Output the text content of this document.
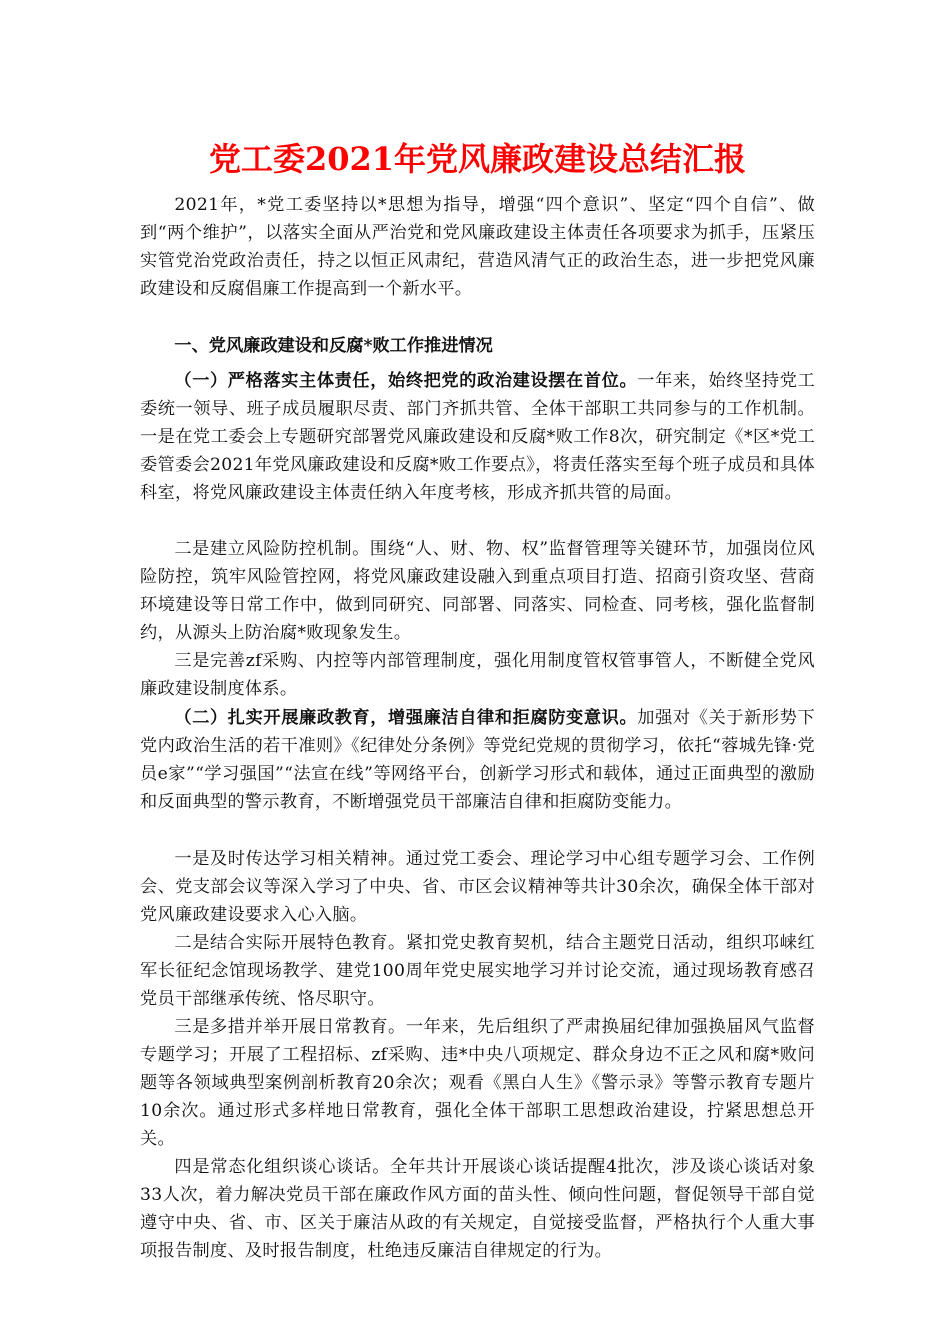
党工委2021年党风廉政建设总结汇报
2021年，*党工委坚持以*思想为指导，增强“四个意识”、坚定“四个自信”、做到“两个维护”，以落实全面从严治党和党风廉政建设主体责任各项要求为抓手，压紧压实管党治党政治责任，持之以恒正风肃纪，营造风清气正的政治生态，进一步把党风廉政建设和反腐倡廉工作提高到一个新水平。
一、党风廉政建设和反腐*败工作推进情况
（一）严格落实主体责任，始终把党的政治建设摆在首位。一年来，始终坚持党工委统一领导、班子成员履职尽责、部门齐抓共管、全体干部职工共同参与的工作机制。一是在党工委会上专题研究部署党风廉政建设和反腐*败工作8次，研究制定《*区*党工委管委会2021年党风廉政建设和反腐*败工作要点》，将责任落实至每个班子成员和具体科室，将党风廉政建设主体责任纳入年度考核，形成齐抓共管的局面。
二是建立风险防控机制。围绕“人、财、物、权”监督管理等关键环节，加强岗位风险防控，筑牢风险管控网，将党风廉政建设融入到重点项目打造、招商引资攻坚、营商环境建设等日常工作中，做到同研究、同部署、同落实、同检查、同考核，强化监督制约，从源头上防治腐*败现象发生。
三是完善zf采购、内控等内部管理制度，强化用制度管权管事管人，不断健全党风廉政建设制度体系。
（二）扎实开展廉政教育，增强廉洁自律和拒腐防变意识。加强对《关于新形势下党内政治生活的若干准则》《纪律处分条例》等党纪党规的贯彻学习，依托“蓉城先锋·党员e家”“学习强国”“法宣在线”等网络平台，创新学习形式和载体，通过正面典型的激励和反面典型的警示教育，不断增强党员干部廉洁自律和拒腐防变能力。
一是及时传达学习相关精神。通过党工委会、理论学习中心组专题学习会、工作例会、党支部会议等深入学习了中央、省、市区会议精神等共计30余次，确保全体干部对党风廉政建设要求入心入脑。
二是结合实际开展特色教育。紧扣党史教育契机，结合主题党日活动，组织邛崃红军长征纪念馆现场教学、建党100周年党史展实地学习并讨论交流，通过现场教育感召党员干部继承传统、恪尽职守。
三是多措并举开展日常教育。一年来，先后组织了严肃换届纪律加强换届风气监督专题学习；开展了工程招标、zf采购、违*中央八项规定、群众身边不正之风和腐*败问题等各领域典型案例剖析教育20余次；观看《黑白人生》《警示录》等警示教育专题片10余次。通过形式多样地日常教育，强化全体干部职工思想政治建设，拧紧思想总开关。
四是常态化组织谈心谈话。全年共计开展谈心谈话提醒4批次，涉及谈心谈话对象33人次，着力解决党员干部在廉政作风方面的苗头性、倾向性问题，督促领导干部自觉遵守中央、省、市、区关于廉洁从政的有关规定，自觉接受监督，严格执行个人重大事项报告制度、及时报告制度，杜绝违反廉洁自律规定的行为。
